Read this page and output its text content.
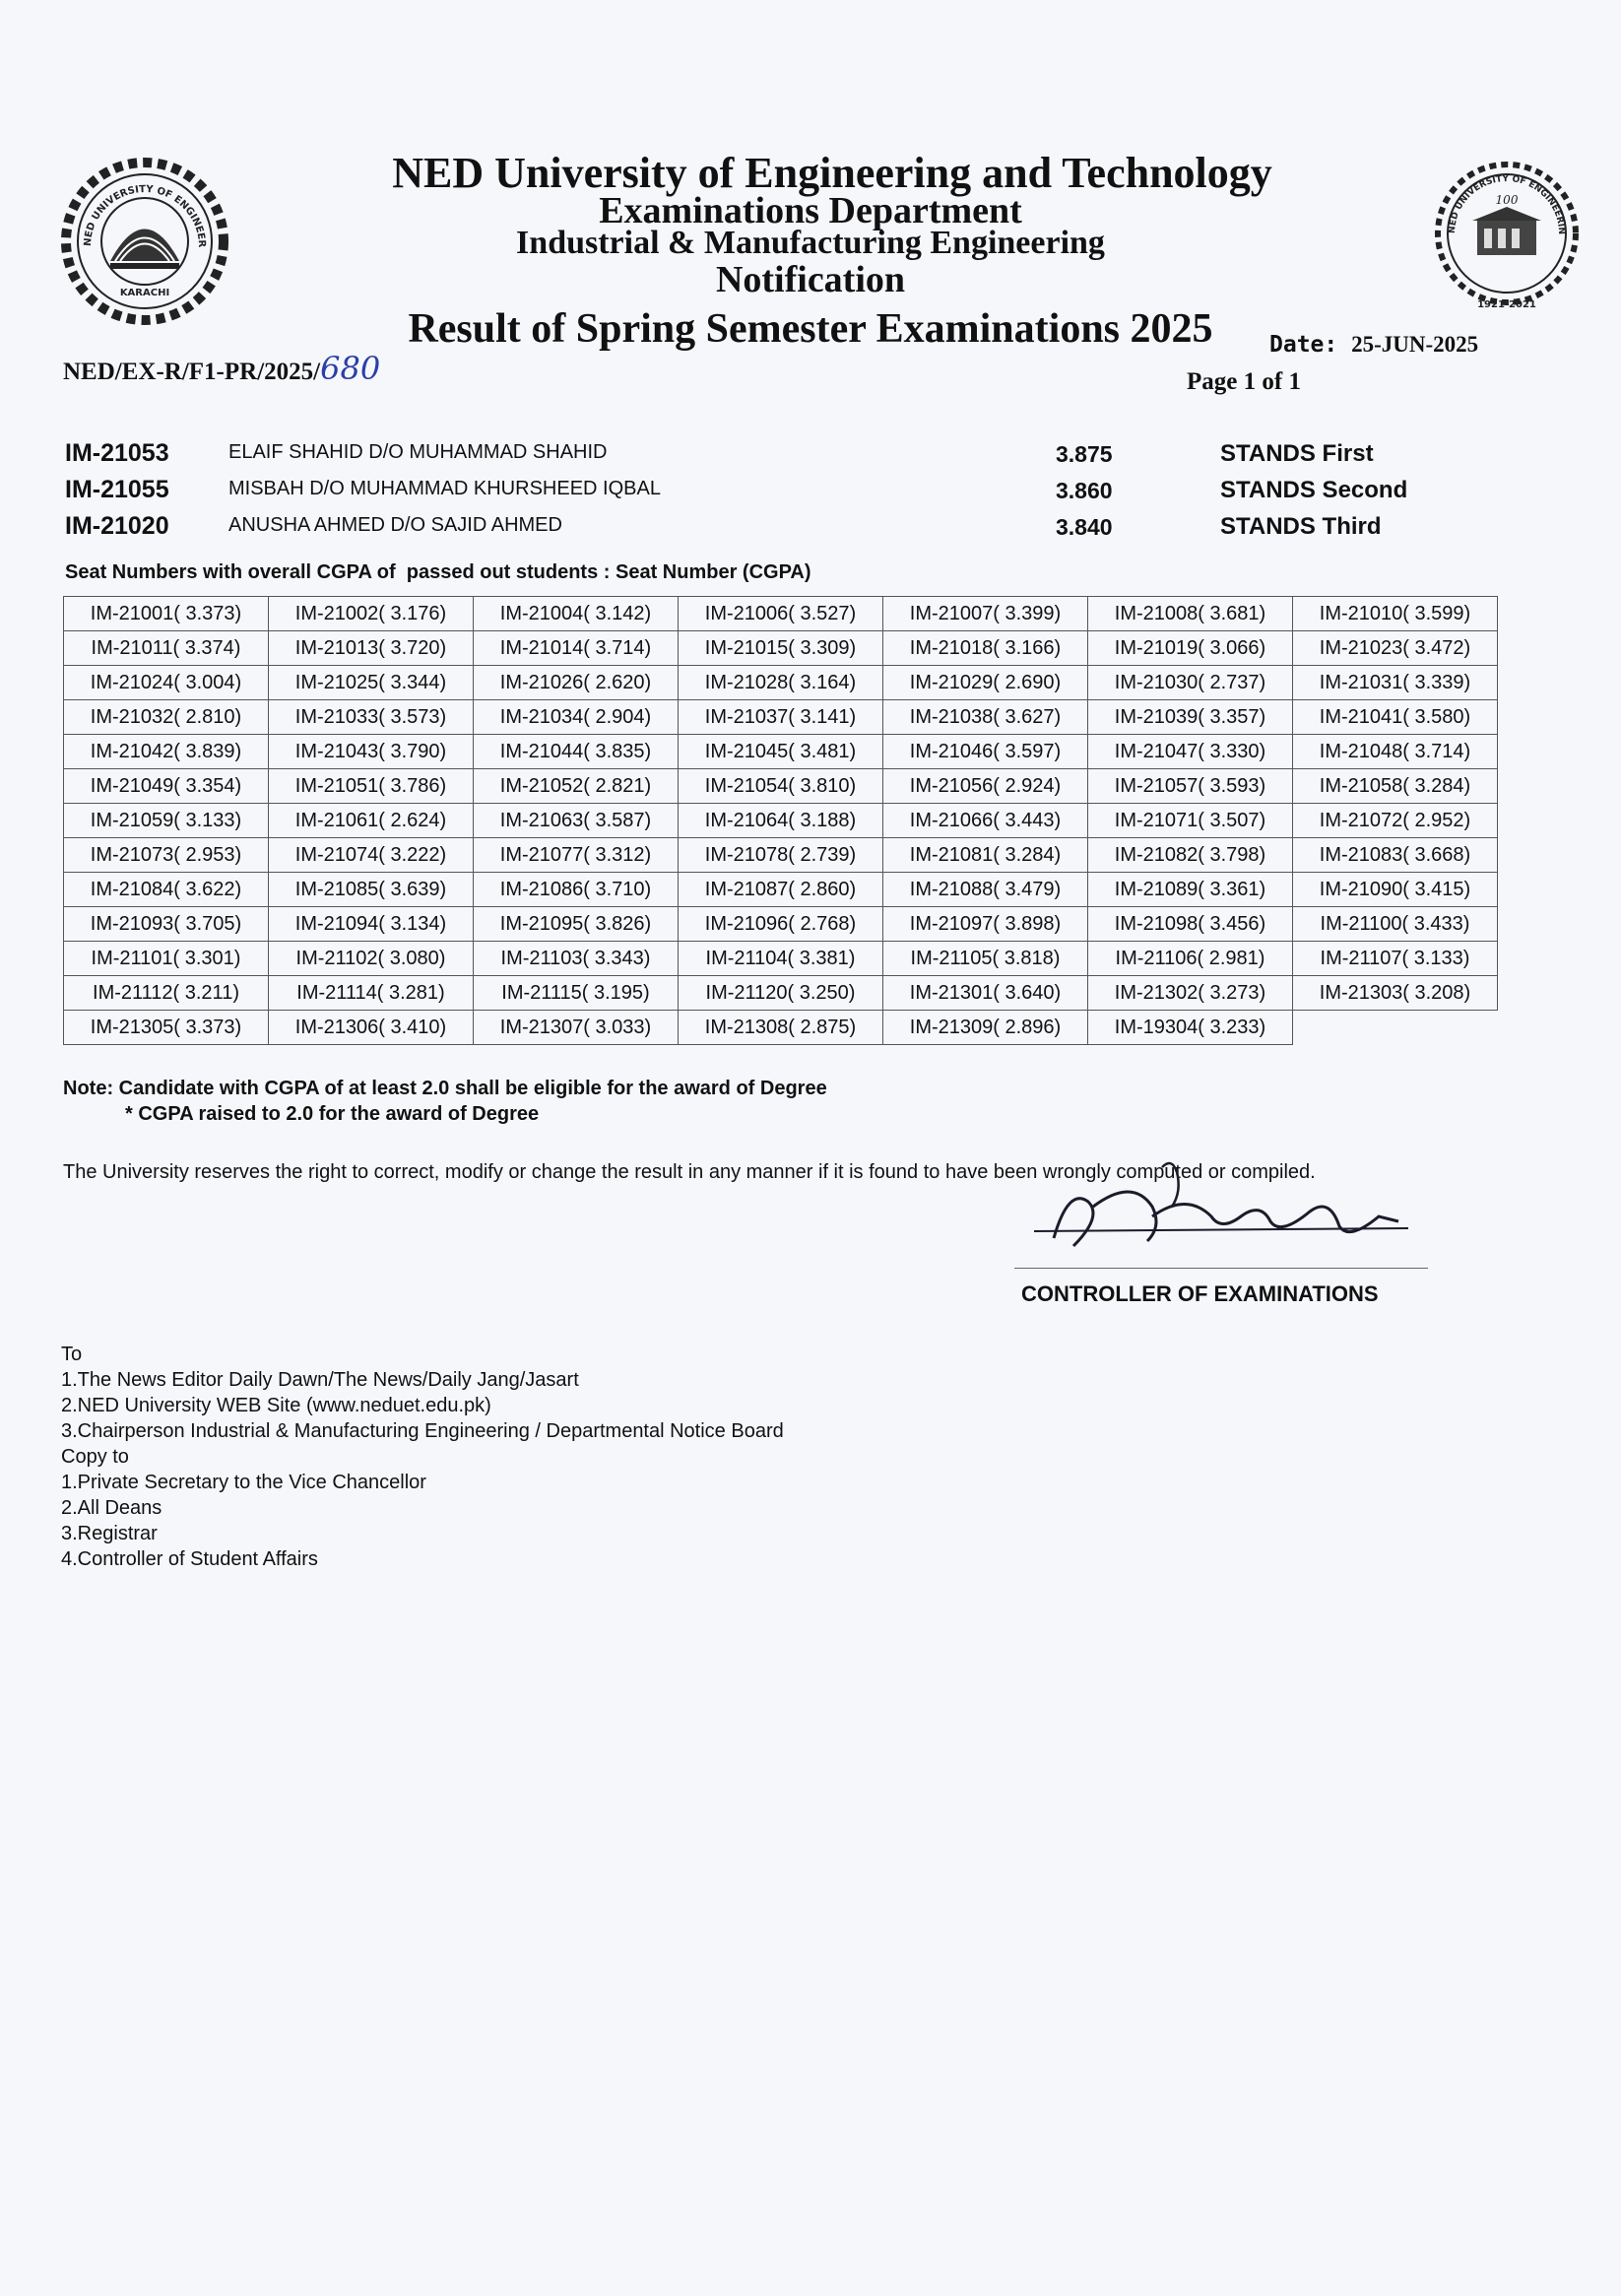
NED UNIVERSITY OF ENGINEER
KARACHI
NED UNIVERSITY OF ENGINEERIN
100
1921-2021
NED University of Engineering and Technology
Examinations Department
Industrial & Manufacturing Engineering
Notification
Result of Spring Semester Examinations 2025
NED/EX-R/F1-PR/2025/680
Date: 25-JUN-2025
Page 1 of 1
IM-21053	ELAIF SHAHID D/O MUHAMMAD SHAHID	3.875	STANDS First
IM-21055	MISBAH D/O MUHAMMAD KHURSHEED IQBAL	3.860	STANDS Second
IM-21020	ANUSHA AHMED D/O SAJID AHMED	3.840	STANDS Third
Seat Numbers with overall CGPA of  passed out students : Seat Number (CGPA)
IM-21001( 3.373)	IM-21002( 3.176)	IM-21004( 3.142)	IM-21006( 3.527)	IM-21007( 3.399)	IM-21008( 3.681)	IM-21010( 3.599)
IM-21011( 3.374)	IM-21013( 3.720)	IM-21014( 3.714)	IM-21015( 3.309)	IM-21018( 3.166)	IM-21019( 3.066)	IM-21023( 3.472)
IM-21024( 3.004)	IM-21025( 3.344)	IM-21026( 2.620)	IM-21028( 3.164)	IM-21029( 2.690)	IM-21030( 2.737)	IM-21031( 3.339)
IM-21032( 2.810)	IM-21033( 3.573)	IM-21034( 2.904)	IM-21037( 3.141)	IM-21038( 3.627)	IM-21039( 3.357)	IM-21041( 3.580)
IM-21042( 3.839)	IM-21043( 3.790)	IM-21044( 3.835)	IM-21045( 3.481)	IM-21046( 3.597)	IM-21047( 3.330)	IM-21048( 3.714)
IM-21049( 3.354)	IM-21051( 3.786)	IM-21052( 2.821)	IM-21054( 3.810)	IM-21056( 2.924)	IM-21057( 3.593)	IM-21058( 3.284)
IM-21059( 3.133)	IM-21061( 2.624)	IM-21063( 3.587)	IM-21064( 3.188)	IM-21066( 3.443)	IM-21071( 3.507)	IM-21072( 2.952)
IM-21073( 2.953)	IM-21074( 3.222)	IM-21077( 3.312)	IM-21078( 2.739)	IM-21081( 3.284)	IM-21082( 3.798)	IM-21083( 3.668)
IM-21084( 3.622)	IM-21085( 3.639)	IM-21086( 3.710)	IM-21087( 2.860)	IM-21088( 3.479)	IM-21089( 3.361)	IM-21090( 3.415)
IM-21093( 3.705)	IM-21094( 3.134)	IM-21095( 3.826)	IM-21096( 2.768)	IM-21097( 3.898)	IM-21098( 3.456)	IM-21100( 3.433)
IM-21101( 3.301)	IM-21102( 3.080)	IM-21103( 3.343)	IM-21104( 3.381)	IM-21105( 3.818)	IM-21106( 2.981)	IM-21107( 3.133)
IM-21112( 3.211)	IM-21114( 3.281)	IM-21115( 3.195)	IM-21120( 3.250)	IM-21301( 3.640)	IM-21302( 3.273)	IM-21303( 3.208)
IM-21305( 3.373)	IM-21306( 3.410)	IM-21307( 3.033)	IM-21308( 2.875)	IM-21309( 2.896)	IM-19304( 3.233)	
Note: Candidate with CGPA of at least 2.0 shall be eligible for the award of Degree
* CGPA raised to 2.0 for the award of Degree
The University reserves the right to correct, modify or change the result in any manner if it is found to have been wrongly computed or compiled.
CONTROLLER OF EXAMINATIONS
To
1.The News Editor Daily Dawn/The News/Daily Jang/Jasart
2.NED University WEB Site (www.neduet.edu.pk)
3.Chairperson Industrial & Manufacturing Engineering / Departmental Notice Board
Copy to
1.Private Secretary to the Vice Chancellor
2.All Deans
3.Registrar
4.Controller of Student Affairs
